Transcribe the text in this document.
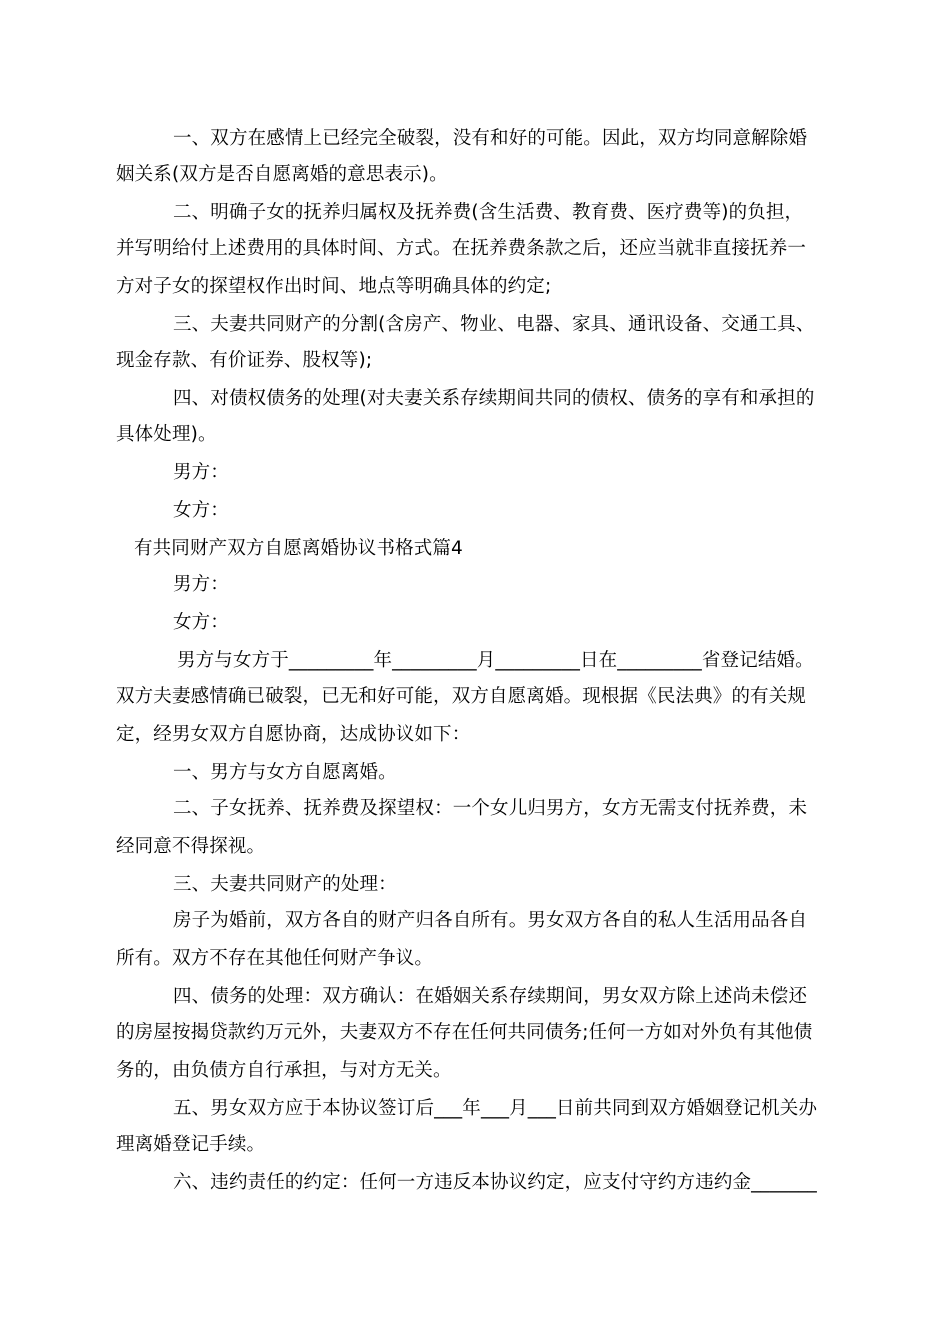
一、双方在感情上已经完全破裂，没有和好的可能。因此，双方均同意解除婚
姻关系(双方是否自愿离婚的意思表示)。
二、明确子女的抚养归属权及抚养费(含生活费、教育费、医疗费等)的负担，
并写明给付上述费用的具体时间、方式。在抚养费条款之后，还应当就非直接抚养一
方对子女的探望权作出时间、地点等明确具体的约定;
三、夫妻共同财产的分割(含房产、物业、电器、家具、通讯设备、交通工具、
现金存款、有价证券、股权等);
四、对债权债务的处理(对夫妻关系存续期间共同的债权、债务的享有和承担的
具体处理)。
男方：
女方：
有共同财产双方自愿离婚协议书格式篇4
男方：
女方：
男方与女方于_________年_________月_________日在_________省登记结婚。
双方夫妻感情确已破裂，已无和好可能，双方自愿离婚。现根据《民法典》的有关规
定，经男女双方自愿协商，达成协议如下：
一、男方与女方自愿离婚。
二、子女抚养、抚养费及探望权：一个女儿归男方，女方无需支付抚养费，未
经同意不得探视。
三、夫妻共同财产的处理：
房子为婚前，双方各自的财产归各自所有。男女双方各自的私人生活用品各自
所有。双方不存在其他任何财产争议。
四、债务的处理：双方确认：在婚姻关系存续期间，男女双方除上述尚未偿还
的房屋按揭贷款约万元外，夫妻双方不存在任何共同债务;任何一方如对外负有其他债
务的，由负债方自行承担，与对方无关。
五、男女双方应于本协议签订后___年___月___日前共同到双方婚姻登记机关办
理离婚登记手续。
六、违约责任的约定：任何一方违反本协议约定，应支付守约方违约金_______
